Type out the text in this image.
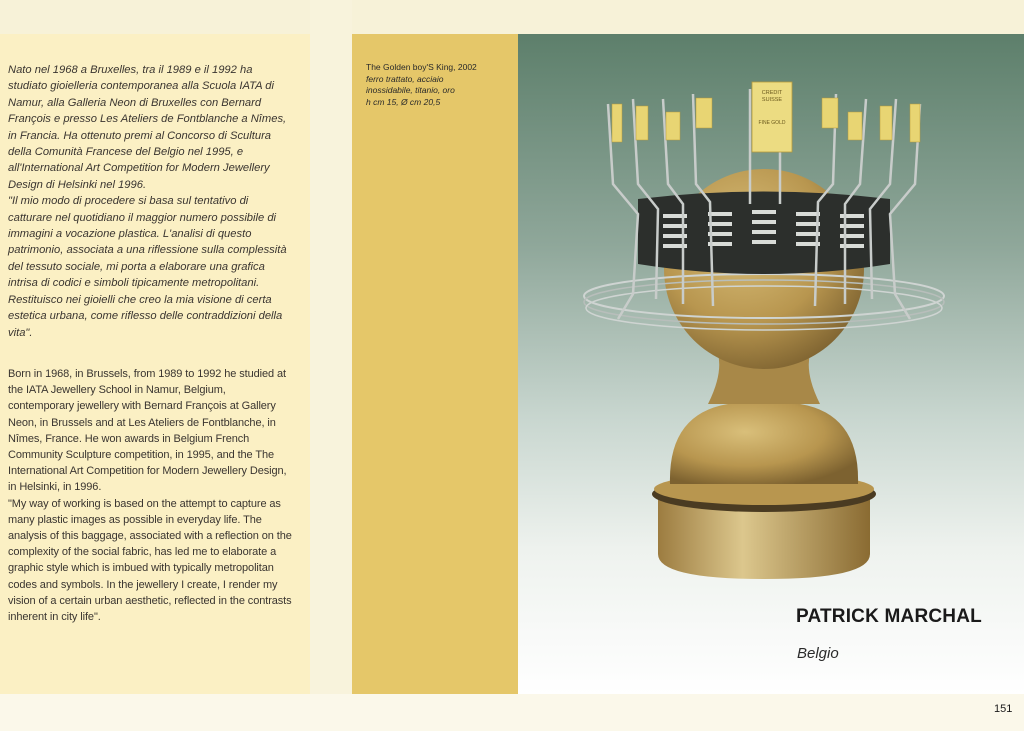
CREDIT
SUISSE
FINE GOLD

Nato nel 1968 a Bruxelles, tra il 1989 e il 1992 ha studiato gioielleria contemporanea alla Scuola IATA di Namur, alla Galleria Neon di Bruxelles con Bernard François e presso Les Ateliers de Fontblanche a Nîmes, in Francia. Ha ottenuto premi al Concorso di Scultura della Comunità Francese del Belgio nel 1995, e all'International Art Competition for Modern Jewellery Design di Helsinki nel 1996.

"Il mio modo di procedere si basa sul tentativo di catturare nel quotidiano il maggior numero possibile di immagini a vocazione plastica. L'analisi di questo patrimonio, associata a una riflessione sulla complessità del tessuto sociale, mi porta a elaborare una grafica intrisa di codici e simboli tipicamente metropolitani. Restituisco nei gioielli che creo la mia visione di certa estetica urbana, come riflesso delle contraddizioni della vita".

Born in 1968, in Brussels, from 1989 to 1992 he studied at the IATA Jewellery School in Namur, Belgium, contemporary jewellery with Bernard François at Gallery Neon, in Brussels and at Les Ateliers de Fontblanche, in Nîmes, France. He won awards in Belgium French Community Sculpture competition, in 1995, and the The International Art Competition for Modern Jewellery Design, in Helsinki, in 1996.

"My way of working is based on the attempt to capture as many plastic images as possible in everyday life. The analysis of this baggage, associated with a reflection on the complexity of the social fabric, has led me to elaborate a graphic style which is imbued with typically metropolitan codes and symbols. In the jewellery I create, I render my vision of a certain urban aesthetic, reflected in the contrasts inherent in city life".

The Golden boy'S King, 2002
ferro trattato, acciaio
inossidabile, titanio, oro
h cm 15, Ø cm 20,5
PATRICK MARCHAL
Belgio
151
